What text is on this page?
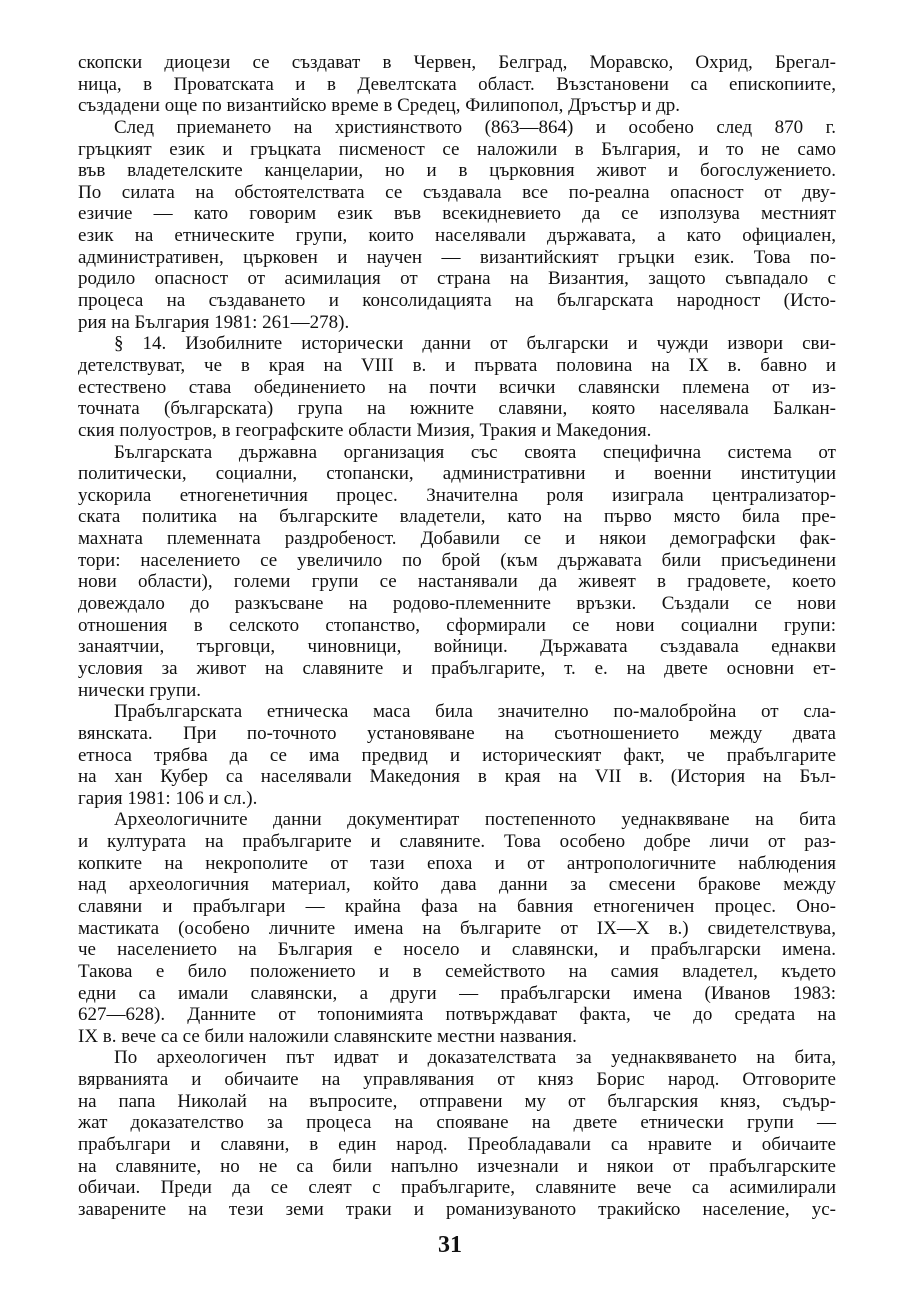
скопски диоцези се създават в Червен, Белград, Моравско, Охрид, Брегал-
ница, в Проватската и в Девелтската област. Възстановени са епископиите,
създадени още по византийско време в Средец, Филипопол, Дръстър и др.
След приемането на християнството (863—864) и особено след 870 г.
гръцкият език и гръцката писменост се наложили в България, и то не само
във владетелските канцеларии, но и в църковния живот и богослужението.
По силата на обстоятелствата се създавала все по-реална опасност от дву-
езичие — като говорим език във всекидневието да се използува местният
език на етническите групи, които населявали държавата, а като официален,
административен, църковен и научен — византийският гръцки език. Това по-
родило опасност от асимилация от страна на Византия, защото съвпадало с
процеса на създаването и консолидацията на българската народност (Исто-
рия на България 1981: 261—278).
§ 14. Изобилните исторически данни от български и чужди извори сви-
детелствуват, че в края на VIII в. и първата половина на IX в. бавно и
естествено става обединението на почти всички славянски племена от из-
точната (българската) група на южните славяни, която населявала Балкан-
ския полуостров, в географските области Мизия, Тракия и Македония.
Българската държавна организация със своята специфична система от
политически, социални, стопански, административни и военни институции
ускорила етногенетичния процес. Значителна роля изиграла централизатор-
ската политика на българските владетели, като на първо място била пре-
махната племенната раздробеност. Добавили се и някои демографски фак-
тори: населението се увеличило по брой (към държавата били присъединени
нови области), големи групи се настанявали да живеят в градовете, което
довеждало до разкъсване на родово-племенните връзки. Създали се нови
отношения в селското стопанство, сформирали се нови социални групи:
занаятчии, търговци, чиновници, войници. Държавата създавала еднакви
условия за живот на славяните и прабългарите, т. е. на двете основни ет-
нически групи.
Прабългарската етническа маса била значително по-малобройна от сла-
вянската. При по-точното установяване на съотношението между двата
етноса трябва да се има предвид и историческият факт, че прабългарите
на хан Кубер са населявали Македония в края на VII в. (История на Бъл-
гария 1981: 106 и сл.).
Археологичните данни документират постепенното уеднаквяване на бита
и културата на прабългарите и славяните. Това особено добре личи от раз-
копките на некрополите от тази епоха и от антропологичните наблюдения
над археологичния материал, който дава данни за смесени бракове между
славяни и прабългари — крайна фаза на бавния етногеничен процес. Оно-
мастиката (особено личните имена на българите от IX—X в.) свидетелствува,
че населението на България е носело и славянски, и прабългарски имена.
Такова е било положението и в семейството на самия владетел, където
едни са имали славянски, а други — прабългарски имена (Иванов 1983:
627—628). Данните от топонимията потвърждават факта, че до средата на
IX в. вече са се били наложили славянските местни названия.
По археологичен път идват и доказателствата за уеднаквяването на бита,
вярванията и обичаите на управлявания от княз Борис народ. Отговорите
на папа Николай на въпросите, отправени му от българския княз, съдър-
жат доказателство за процеса на спояване на двете етнически групи —
прабългари и славяни, в един народ. Преобладавали са нравите и обичаите
на славяните, но не са били напълно изчезнали и някои от прабългарските
обичаи. Преди да се слеят с прабългарите, славяните вече са асимилирали
заварените на тези земи траки и романизуваното тракийско население, ус-
31
